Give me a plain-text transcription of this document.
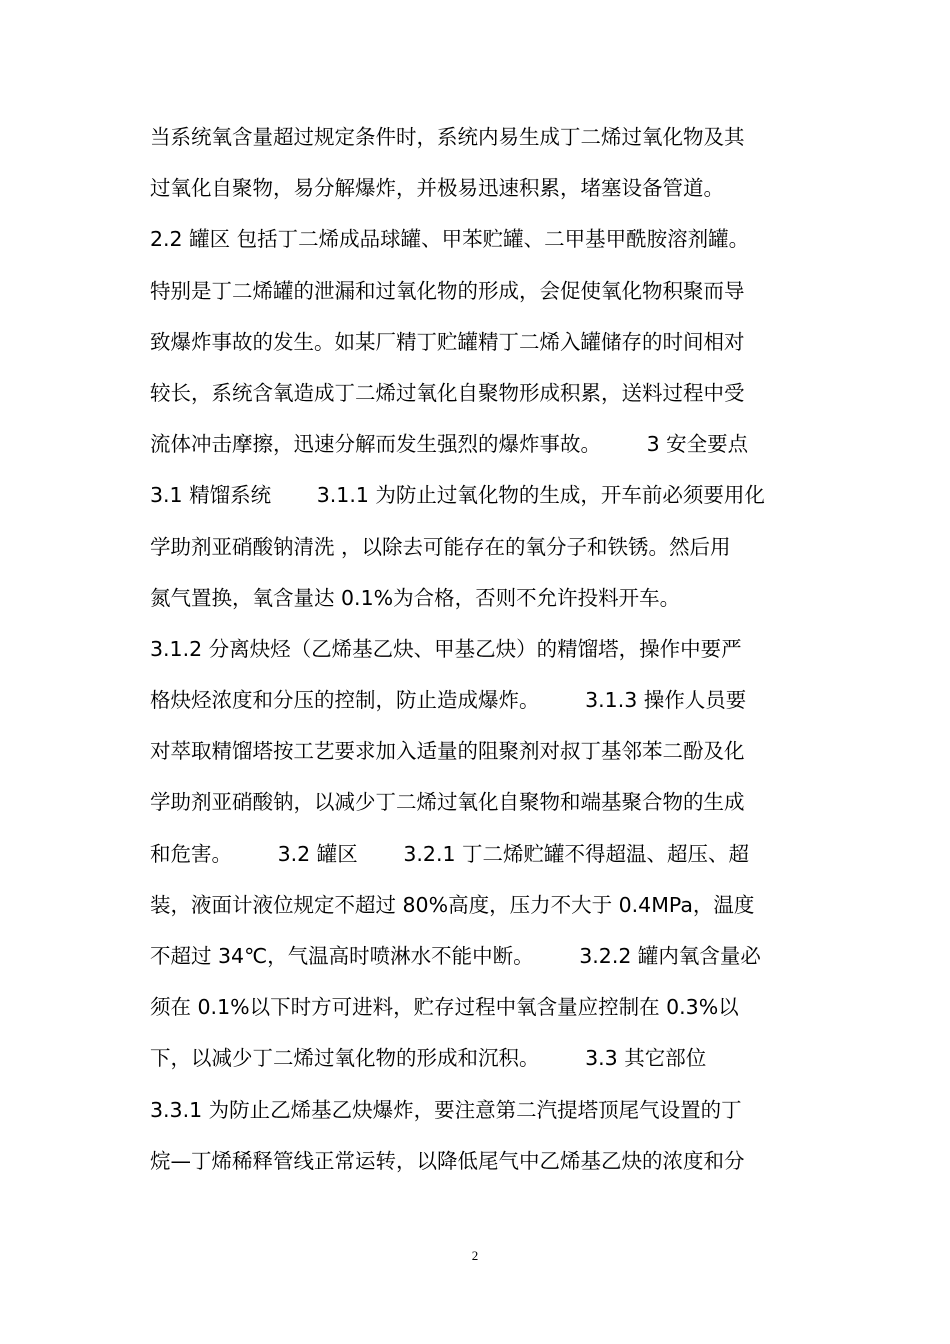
当系统氧含量超过规定条件时，系统内易生成丁二烯过氧化物及其
过氧化自聚物，易分解爆炸，并极易迅速积累，堵塞设备管道。
2.2 罐区 包括丁二烯成品球罐、甲苯贮罐、二甲基甲酰胺溶剂罐。
特别是丁二烯罐的泄漏和过氧化物的形成，会促使氧化物积聚而导
致爆炸事故的发生。如某厂精丁贮罐精丁二烯入罐储存的时间相对
较长，系统含氧造成丁二烯过氧化自聚物形成积累，送料过程中受
流体冲击摩擦，迅速分解而发生强烈的爆炸事故。       3 安全要点
3.1 精馏系统       3.1.1 为防止过氧化物的生成，开车前必须要用化
学助剂亚硝酸钠清洗 ，以除去可能存在的氧分子和铁锈。然后用
氮气置换，氧含量达 0.1%为合格，否则不允许投料开车。
3.1.2 分离炔烃（乙烯基乙炔、甲基乙炔）的精馏塔，操作中要严
格炔烃浓度和分压的控制，防止造成爆炸。       3.1.3 操作人员要
对萃取精馏塔按工艺要求加入适量的阻聚剂对叔丁基邻苯二酚及化
学助剂亚硝酸钠，以减少丁二烯过氧化自聚物和端基聚合物的生成
和危害。       3.2 罐区       3.2.1 丁二烯贮罐不得超温、超压、超
装，液面计液位规定不超过 80%高度，压力不大于 0.4MPa，温度
不超过 34℃，气温高时喷淋水不能中断。       3.2.2 罐内氧含量必
须在 0.1%以下时方可进料，贮存过程中氧含量应控制在 0.3%以
下，以减少丁二烯过氧化物的形成和沉积。       3.3 其它部位
3.3.1 为防止乙烯基乙炔爆炸，要注意第二汽提塔顶尾气设置的丁
烷—丁烯稀释管线正常运转，以降低尾气中乙烯基乙炔的浓度和分
2
